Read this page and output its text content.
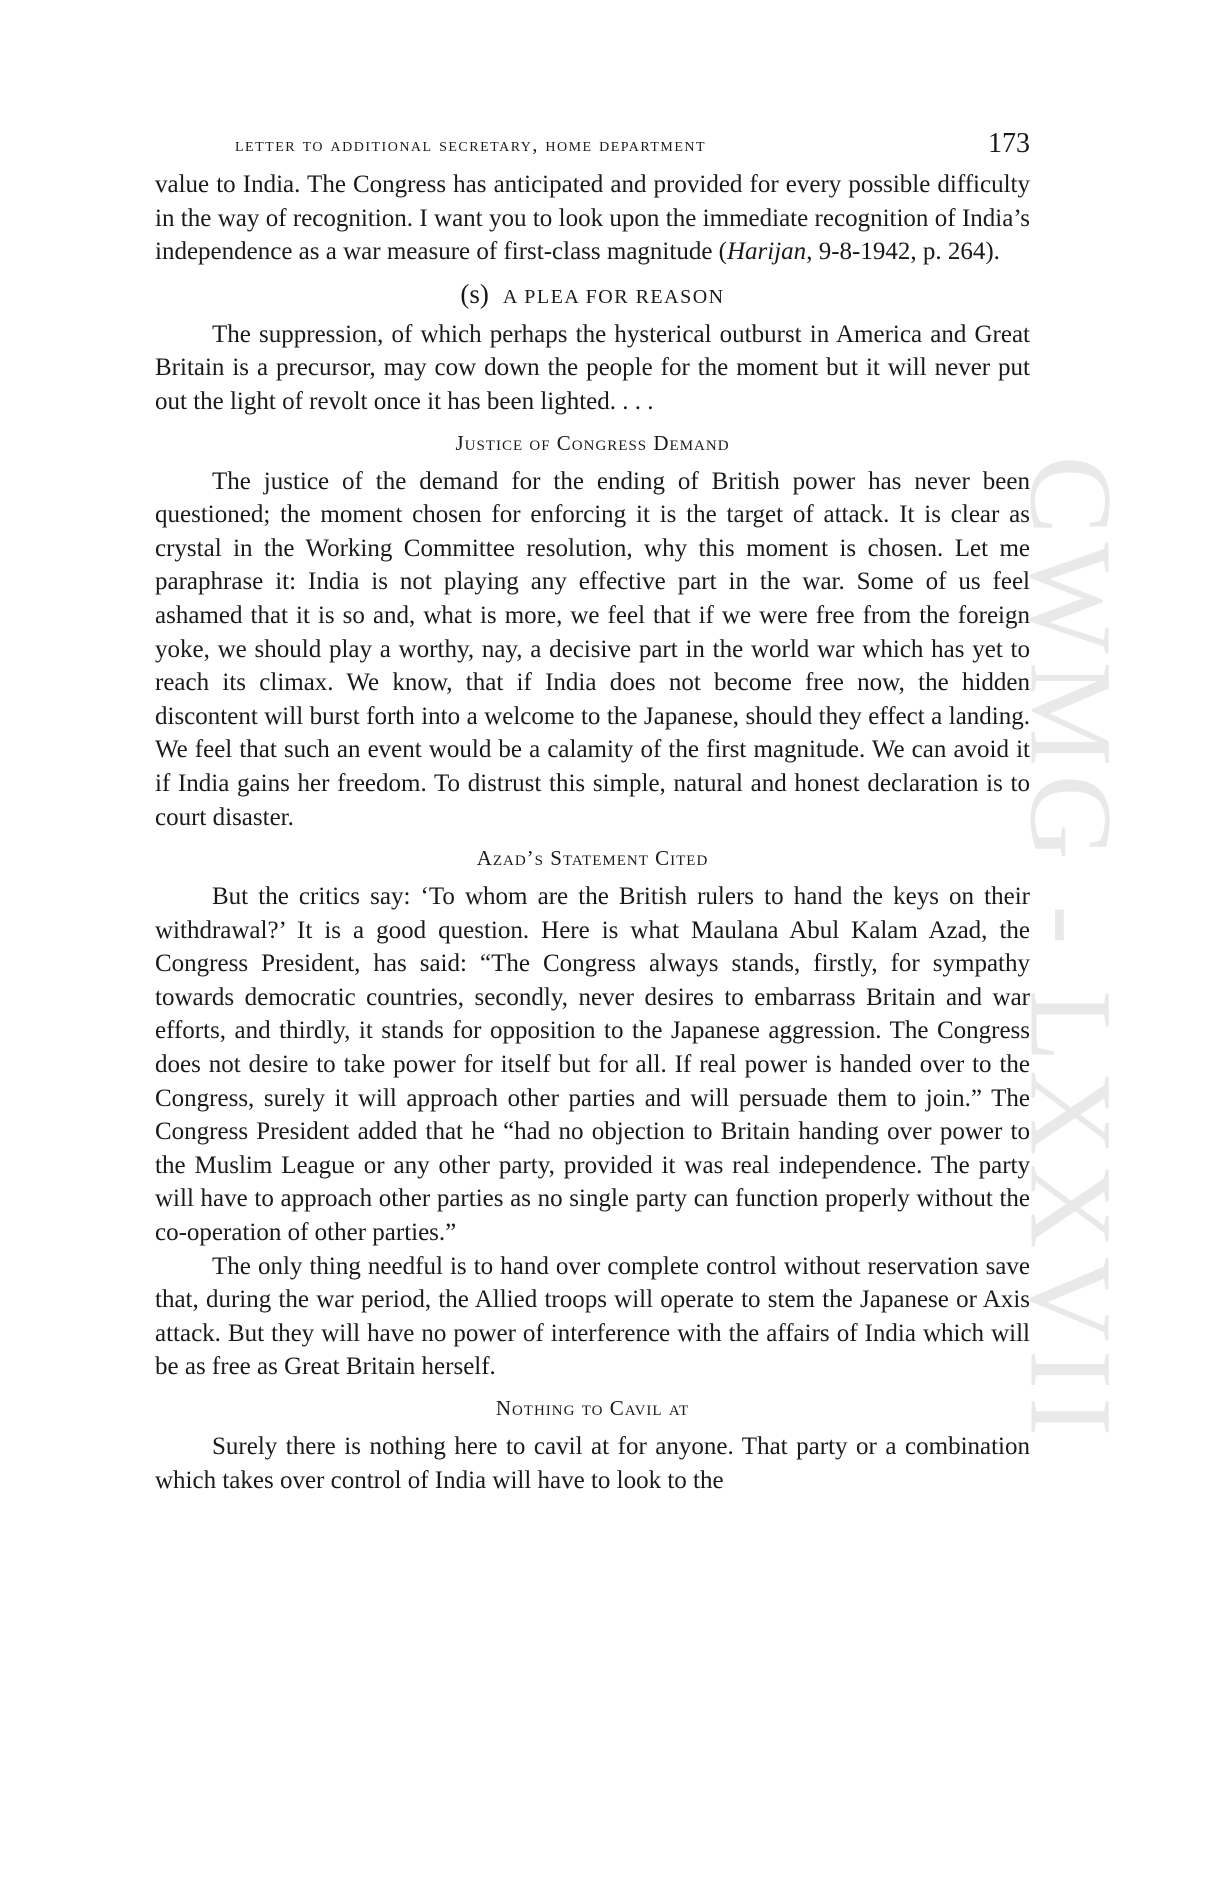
CWMG - LXXVII
letter to additional secretary, home department	173

value to India. The Congress has anticipated and provided for every possible difficulty in the way of recognition. I want you to look upon the immediate recognition of India’s independence as a war measure of first-class magnitude (Harijan, 9-8-1942, p. 264).

(s) A PLEA FOR REASON

The suppression, of which perhaps the hysterical outburst in America and Great Britain is a precursor, may cow down the people for the moment but it will never put out the light of revolt once it has been lighted. . . .

Justice of Congress Demand

The justice of the demand for the ending of British power has never been questioned; the moment chosen for enforcing it is the target of attack. It is clear as crystal in the Working Committee resolution, why this moment is chosen. Let me paraphrase it: India is not playing any effective part in the war. Some of us feel ashamed that it is so and, what is more, we feel that if we were free from the foreign yoke, we should play a worthy, nay, a decisive part in the world war which has yet to reach its climax. We know, that if India does not become free now, the hidden discontent will burst forth into a welcome to the Japanese, should they effect a landing. We feel that such an event would be a calamity of the first magnitude. We can avoid it if India gains her freedom. To distrust this simple, natural and honest declaration is to court disaster.

Azad’s Statement Cited

But the critics say: ‘To whom are the British rulers to hand the keys on their withdrawal?’ It is a good question. Here is what Maulana Abul Kalam Azad, the Congress President, has said: “The Congress always stands, firstly, for sympathy towards democratic countries, secondly, never desires to embarrass Britain and war efforts, and thirdly, it stands for opposition to the Japanese aggression. The Congress does not desire to take power for itself but for all. If real power is handed over to the Congress, surely it will approach other parties and will persuade them to join.” The Congress President added that he “had no objection to Britain handing over power to the Muslim League or any other party, provided it was real independence. The party will have to approach other parties as no single party can function properly without the co-operation of other parties.”

The only thing needful is to hand over complete control without reservation save that, during the war period, the Allied troops will operate to stem the Japanese or Axis attack. But they will have no power of interference with the affairs of India which will be as free as Great Britain herself.

Nothing to Cavil at

Surely there is nothing here to cavil at for anyone. That party or a combination which takes over control of India will have to look to the
